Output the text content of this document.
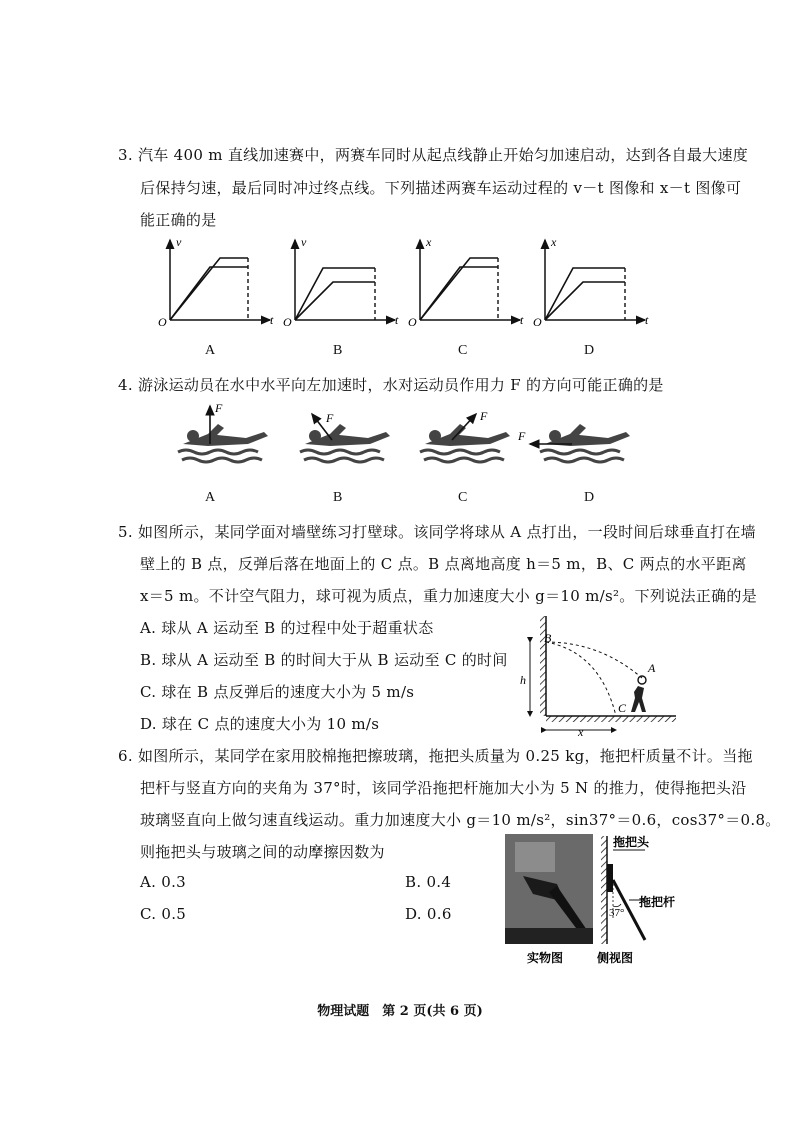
3. 汽车 400 m 直线加速赛中，两赛车同时从起点线静止开始匀加速启动，达到各自最大速度
后保持匀速，最后同时冲过终点线。下列描述两赛车运动过程的 v－t 图像和 x－t 图像可
能正确的是
v
t
O
v
t
O
x
t
O
x
t
O
A	B	C	D
4. 游泳运动员在水中水平向左加速时，水对运动员作用力 F 的方向可能正确的是
F
F	F
F
A	B	C	D
5. 如图所示，某同学面对墙壁练习打壁球。该同学将球从 A 点打出，一段时间后球垂直打在墙
壁上的 B 点，反弹后落在地面上的 C 点。B 点离地高度 h＝5 m，B、C 两点的水平距离
x＝5 m。不计空气阻力，球可视为质点，重力加速度大小 g＝10 m/s²。下列说法正确的是
A. 球从 A 运动至 B 的过程中处于超重状态
B. 球从 A 运动至 B 的时间大于从 B 运动至 C 的时间
C. 球在 B 点反弹后的速度大小为 5 m/s
D. 球在 C 点的速度大小为 10 m/s
B
A
C
h
x
6. 如图所示，某同学在家用胶棉拖把擦玻璃，拖把头质量为 0.25 kg，拖把杆质量不计。当拖
把杆与竖直方向的夹角为 37°时，该同学沿拖把杆施加大小为 5 N 的推力，使得拖把头沿
玻璃竖直向上做匀速直线运动。重力加速度大小 g＝10 m/s²，sin37°＝0.6，cos37°＝0.8。
则拖把头与玻璃之间的动摩擦因数为
A. 0.3	B. 0.4
C. 0.5	D. 0.6
拖把头
拖把杆
37°
实物图	侧视图
物理试题　第 2 页(共 6 页)
